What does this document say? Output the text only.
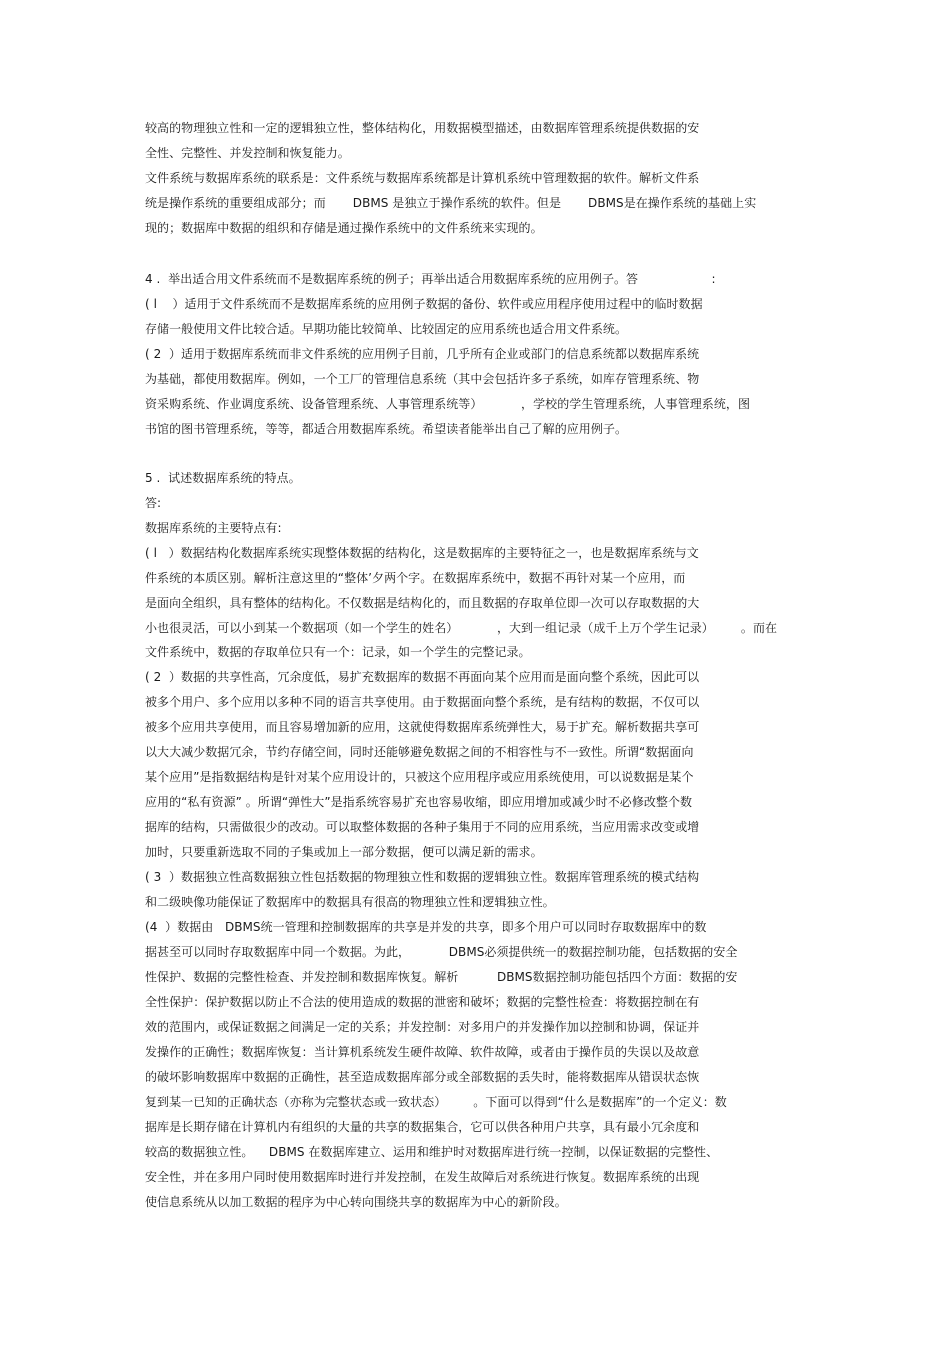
较高的物理独立性和一定的逻辑独立性，整体结构化，用数据模型描述，由数据库管理系统提供数据的安
全性、完整性、并发控制和恢复能力。
文件系统与数据库系统的联系是：文件系统与数据库系统都是计算机系统中管理数据的软件。解析文件系
统是操作系统的重要组成部分；而       DBMS 是独立于操作系统的软件。但是       DBMS是在操作系统的基础上实
现的；数据库中数据的组织和存储是通过操作系统中的文件系统来实现的。
4 .  举出适合用文件系统而不是数据库系统的例子；再举出适合用数据库系统的应用例子。答                   :
( l    ）适用于文件系统而不是数据库系统的应用例子数据的备份、软件或应用程序使用过程中的临时数据
存储一般使用文件比较合适。早期功能比较简单、比较固定的应用系统也适合用文件系统。
( 2  ）适用于数据库系统而非文件系统的应用例子目前，几乎所有企业或部门的信息系统都以数据库系统
为基础，都使用数据库。例如，一个工厂的管理信息系统（其中会包括许多子系统，如库存管理系统、物
资采购系统、作业调度系统、设备管理系统、人事管理系统等）          ，学校的学生管理系统，人事管理系统，图
书馆的图书管理系统，等等，都适合用数据库系统。希望读者能举出自己了解的应用例子。
5 .  试述数据库系统的特点。
答:
数据库系统的主要特点有:
( l   ）数据结构化数据库系统实现整体数据的结构化，这是数据库的主要特征之一，也是数据库系统与文
件系统的本质区别。解析注意这里的“整体’夕两个字。在数据库系统中，数据不再针对某一个应用，而
是面向全组织，具有整体的结构化。不仅数据是结构化的，而且数据的存取单位即一次可以存取数据的大
小也很灵活，可以小到某一个数据项（如一个学生的姓名）          ，大到一组记录（成千上万个学生记录）       。而在
文件系统中，数据的存取单位只有一个：记录，如一个学生的完整记录。
( 2  ）数据的共享性高，冗余度低，易扩充数据库的数据不再面向某个应用而是面向整个系统，因此可以
被多个用户、多个应用以多种不同的语言共享使用。由于数据面向整个系统，是有结构的数据，不仅可以
被多个应用共享使用，而且容易增加新的应用，这就使得数据库系统弹性大，易于扩充。解析数据共享可
以大大减少数据冗余，节约存储空间，同时还能够避免数据之间的不相容性与不一致性。所谓“数据面向
某个应用”是指数据结构是针对某个应用设计的，只被这个应用程序或应用系统使用，可以说数据是某个
应用的“私有资源” 。所谓“弹性大”是指系统容易扩充也容易收缩，即应用增加或减少时不必修改整个数
据库的结构，只需做很少的改动。可以取整体数据的各种子集用于不同的应用系统，当应用需求改变或增
加时，只要重新选取不同的子集或加上一部分数据，便可以满足新的需求。
( 3  ）数据独立性高数据独立性包括数据的物理独立性和数据的逻辑独立性。数据库管理系统的模式结构
和二级映像功能保证了数据库中的数据具有很高的物理独立性和逻辑独立性。
(4  ）数据由   DBMS统一管理和控制数据库的共享是并发的共享，即多个用户可以同时存取数据库中的数
据甚至可以同时存取数据库中同一个数据。为此，          DBMS必须提供统一的数据控制功能，包括数据的安全
性保护、数据的完整性检查、并发控制和数据库恢复。解析          DBMS数据控制功能包括四个方面：数据的安
全性保护：保护数据以防止不合法的使用造成的数据的泄密和破坏；数据的完整性检查：将数据控制在有
效的范围内，或保证数据之间满足一定的关系；并发控制：对多用户的并发操作加以控制和协调，保证并
发操作的正确性；数据库恢复：当计算机系统发生硬件故障、软件故障，或者由于操作员的失误以及故意
的破坏影响数据库中数据的正确性，甚至造成数据库部分或全部数据的丢失时，能将数据库从错误状态恢
复到某一已知的正确状态（亦称为完整状态或一致状态）       。下面可以得到“什么是数据库”的一个定义：数
据库是长期存储在计算机内有组织的大量的共享的数据集合，它可以供各种用户共享，具有最小冗余度和
较高的数据独立性。    DBMS 在数据库建立、运用和维护时对数据库进行统一控制，以保证数据的完整性、
安全性，并在多用户同时使用数据库时进行并发控制，在发生故障后对系统进行恢复。数据库系统的出现
使信息系统从以加工数据的程序为中心转向围绕共享的数据库为中心的新阶段。
